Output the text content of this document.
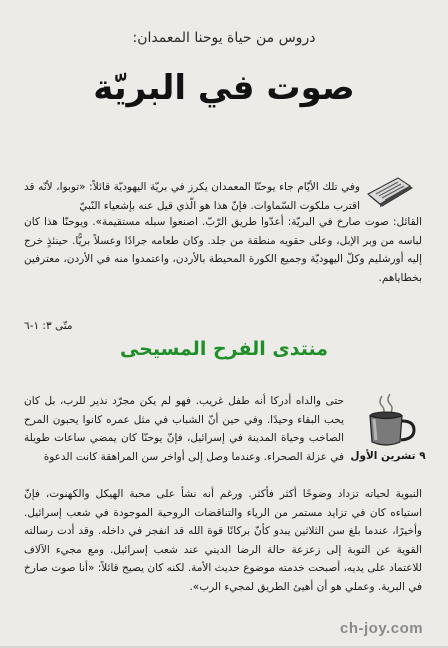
دروس من حياة يوحنا المعمدان:
صوت في البريّة
وفي تلك الأيّام جاء يوحنّا المعمدان يكرز في بريّة اليهوديّة قائلاً: «توبوا، لأنّه قد اقترب ملكوت السّماوات. فإنّ هذا هو الّذي قيل عنه بإشعياء النّبيّ
القائل: صوت صارخ في البريّة: أعدّوا طريق الرّبّ. اصنعوا سبله مستقيمة». ويوحنّا هذا كان لباسه من وبر الإبل، وعلى حقويه منطقة من جلد. وكان طعامه جرادًا وعسلاً بريًّا. حينئذٍ خرج إليه أورشليم وكلّ اليهوديّة وجميع الكورة المحيطة بالأردن، واعتمدوا منه في الأردن، معترفين بخطاياهم.
متّى ٣: ١-٦
منتدى الفرح المسيحى
٩ تشرين الأول
حتى والداه أدركا أنه طفل غريب. فهو لم يكن مجرّد نذير للرب، بل كان يحب البقاء وحيدًا. وفي حين أنّ الشباب في مثل عمره كانوا يحبون المرح الصاخب وحياة المدينة في إسرائيل، فإنّ يوحنّا كان يمضي ساعات طويلة في عزلة الصحراء. وعندما وصل إلى أواخر سن المراهقة كانت الدعوة
النبوية لحياته تزداد وضوحًا أكثر فأكثر. ورغم أنه نشأ على محبة الهيكل والكهنوت، فإنّ استياءه كان في تزايد مستمر من الرياء والتناقضات الروحية الموجودة في شعب إسرائيل. وأخيرًا، عندما بلغ سن الثلاثين يبدو كأنّ بركانًا قوة الله قد انفجر في داخله. وقد أدت رسالته القوية عن التوبة إلى زعزعة حالة الرضا الديني عند شعب إسرائيل. ومع مجيء الآلاف للاعتماد على يديه، أصبحت خدمته موضوع حديث الأمة. لكنه كان يصيح قائلاً: «أنا صوت صارخ في البرية. وعملي هو أن أهيئ الطريق لمجيء الرب».
ch-joy.com
